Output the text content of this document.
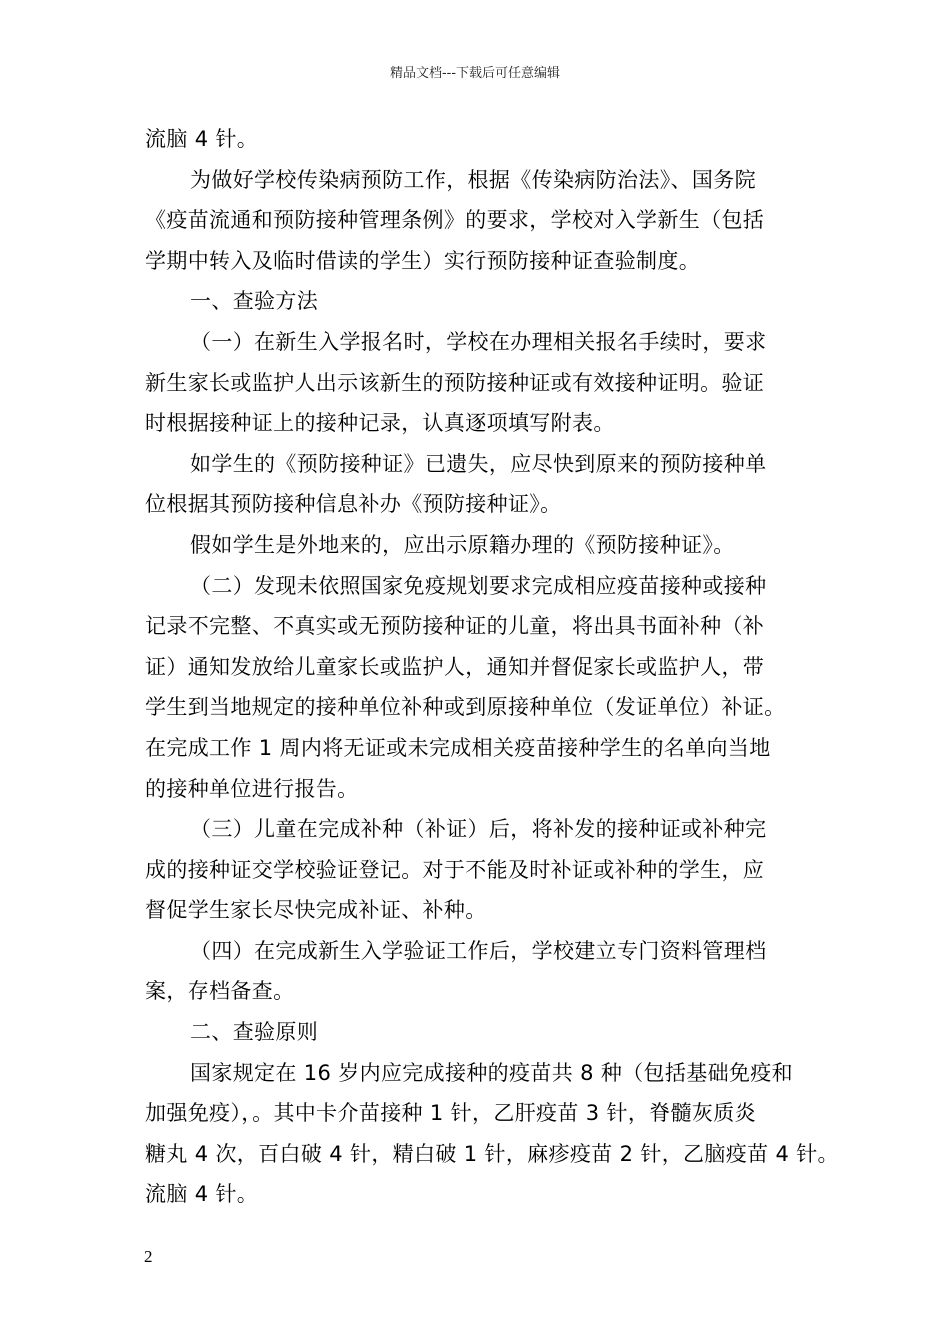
精品文档---下载后可任意编辑
流脑 4 针。
为做好学校传染病预防工作，根据《传染病防治法》、国务院
《疫苗流通和预防接种管理条例》的要求，学校对入学新生（包括
学期中转入及临时借读的学生）实行预防接种证查验制度。
一、查验方法
（一）在新生入学报名时，学校在办理相关报名手续时，要求
新生家长或监护人出示该新生的预防接种证或有效接种证明。验证
时根据接种证上的接种记录，认真逐项填写附表。
如学生的《预防接种证》已遗失，应尽快到原来的预防接种单
位根据其预防接种信息补办《预防接种证》。
假如学生是外地来的，应出示原籍办理的《预防接种证》。
（二）发现未依照国家免疫规划要求完成相应疫苗接种或接种
记录不完整、不真实或无预防接种证的儿童，将出具书面补种（补
证）通知发放给儿童家长或监护人，通知并督促家长或监护人，带
学生到当地规定的接种单位补种或到原接种单位（发证单位）补证。
在完成工作 1 周内将无证或未完成相关疫苗接种学生的名单向当地
的接种单位进行报告。
（三）儿童在完成补种（补证）后，将补发的接种证或补种完
成的接种证交学校验证登记。对于不能及时补证或补种的学生，应
督促学生家长尽快完成补证、补种。
（四）在完成新生入学验证工作后，学校建立专门资料管理档
案，存档备查。
二、查验原则
国家规定在 16 岁内应完成接种的疫苗共 8 种（包括基础免疫和
加强免疫），。其中卡介苗接种 1 针，乙肝疫苗 3 针，脊髓灰质炎
糖丸 4 次，百白破 4 针，精白破 1 针，麻疹疫苗 2 针，乙脑疫苗 4 针。
流脑 4 针。
2
